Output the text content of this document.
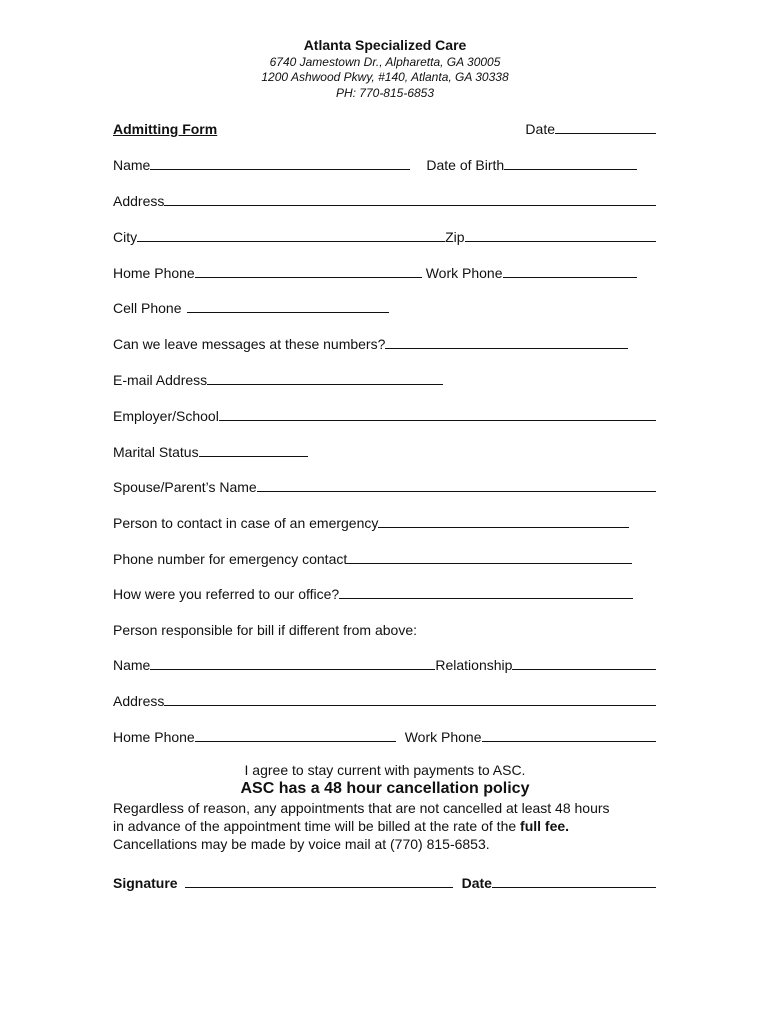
Atlanta Specialized Care
6740 Jamestown Dr., Alpharetta, GA 30005
1200 Ashwood Pkwy, #140, Atlanta, GA 30338
PH: 770-815-6853
Admitting Form	Date
Name	Date of Birth
Address
City	Zip
Home Phone	Work Phone
Cell Phone
Can we leave messages at these numbers?
E-mail Address
Employer/School
Marital Status
Spouse/Parent’s Name
Person to contact in case of an emergency
Phone number for emergency contact
How were you referred to our office?
Person responsible for bill if different from above:
Name	Relationship
Address
Home Phone	Work Phone
I agree to stay current with payments to ASC.
ASC has a 48 hour cancellation policy
Regardless of reason, any appointments that are not cancelled at least 48 hours
in advance of the appointment time will be billed at the rate of the full fee.
Cancellations may be made by voice mail at (770) 815-6853.
Signature	Date
